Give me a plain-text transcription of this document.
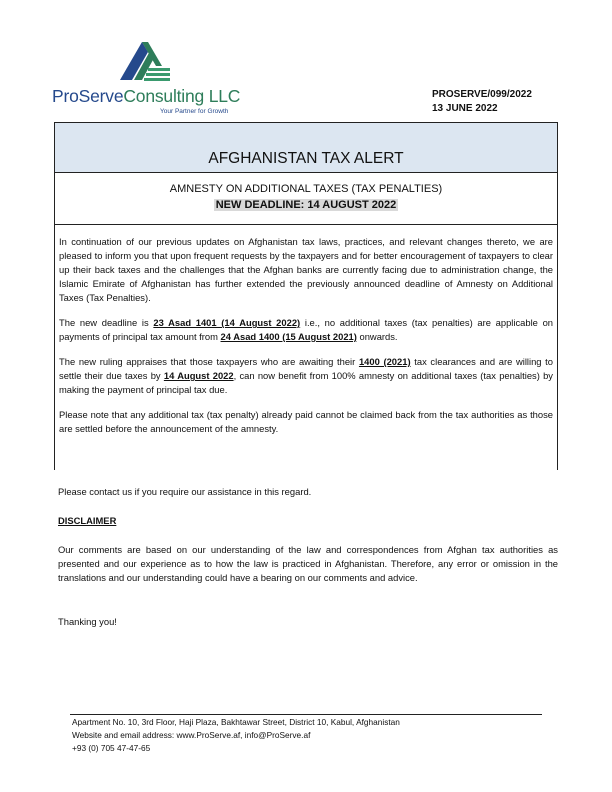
ProServeConsulting LLC
Your Partner for Growth
PROSERVE/099/2022
13 JUNE 2022
AFGHANISTAN TAX ALERT
AMNESTY ON ADDITIONAL TAXES (TAX PENALTIES)
NEW DEADLINE: 14 AUGUST 2022

In continuation of our previous updates on Afghanistan tax laws, practices, and relevant changes thereto, we are pleased to inform you that upon frequent requests by the taxpayers and for better encouragement of taxpayers to clear up their back taxes and the challenges that the Afghan banks are currently facing due to administration change, the Islamic Emirate of Afghanistan has further extended the previously announced deadline of Amnesty on Additional Taxes (Tax Penalties).

The new deadline is 23 Asad 1401 (14 August 2022) i.e., no additional taxes (tax penalties) are applicable on payments of principal tax amount from 24 Asad 1400 (15 August 2021) onwards.

The new ruling appraises that those taxpayers who are awaiting their 1400 (2021) tax clearances and are willing to settle their due taxes by 14 August 2022, can now benefit from 100% amnesty on additional taxes (tax penalties) by making the payment of principal tax due.

Please note that any additional tax (tax penalty) already paid cannot be claimed back from the tax authorities as those are settled before the announcement of the amnesty.

Please contact us if you require our assistance in this regard.
DISCLAIMER
Our comments are based on our understanding of the law and correspondences from Afghan tax authorities as presented and our experience as to how the law is practiced in Afghanistan. Therefore, any error or omission in the translations and our understanding could have a bearing on our comments and advice.
Thanking you!
Apartment No. 10, 3rd Floor, Haji Plaza, Bakhtawar Street, District 10, Kabul, Afghanistan
Website and email address: www.ProServe.af, info@ProServe.af
+93 (0) 705 47-47-65
